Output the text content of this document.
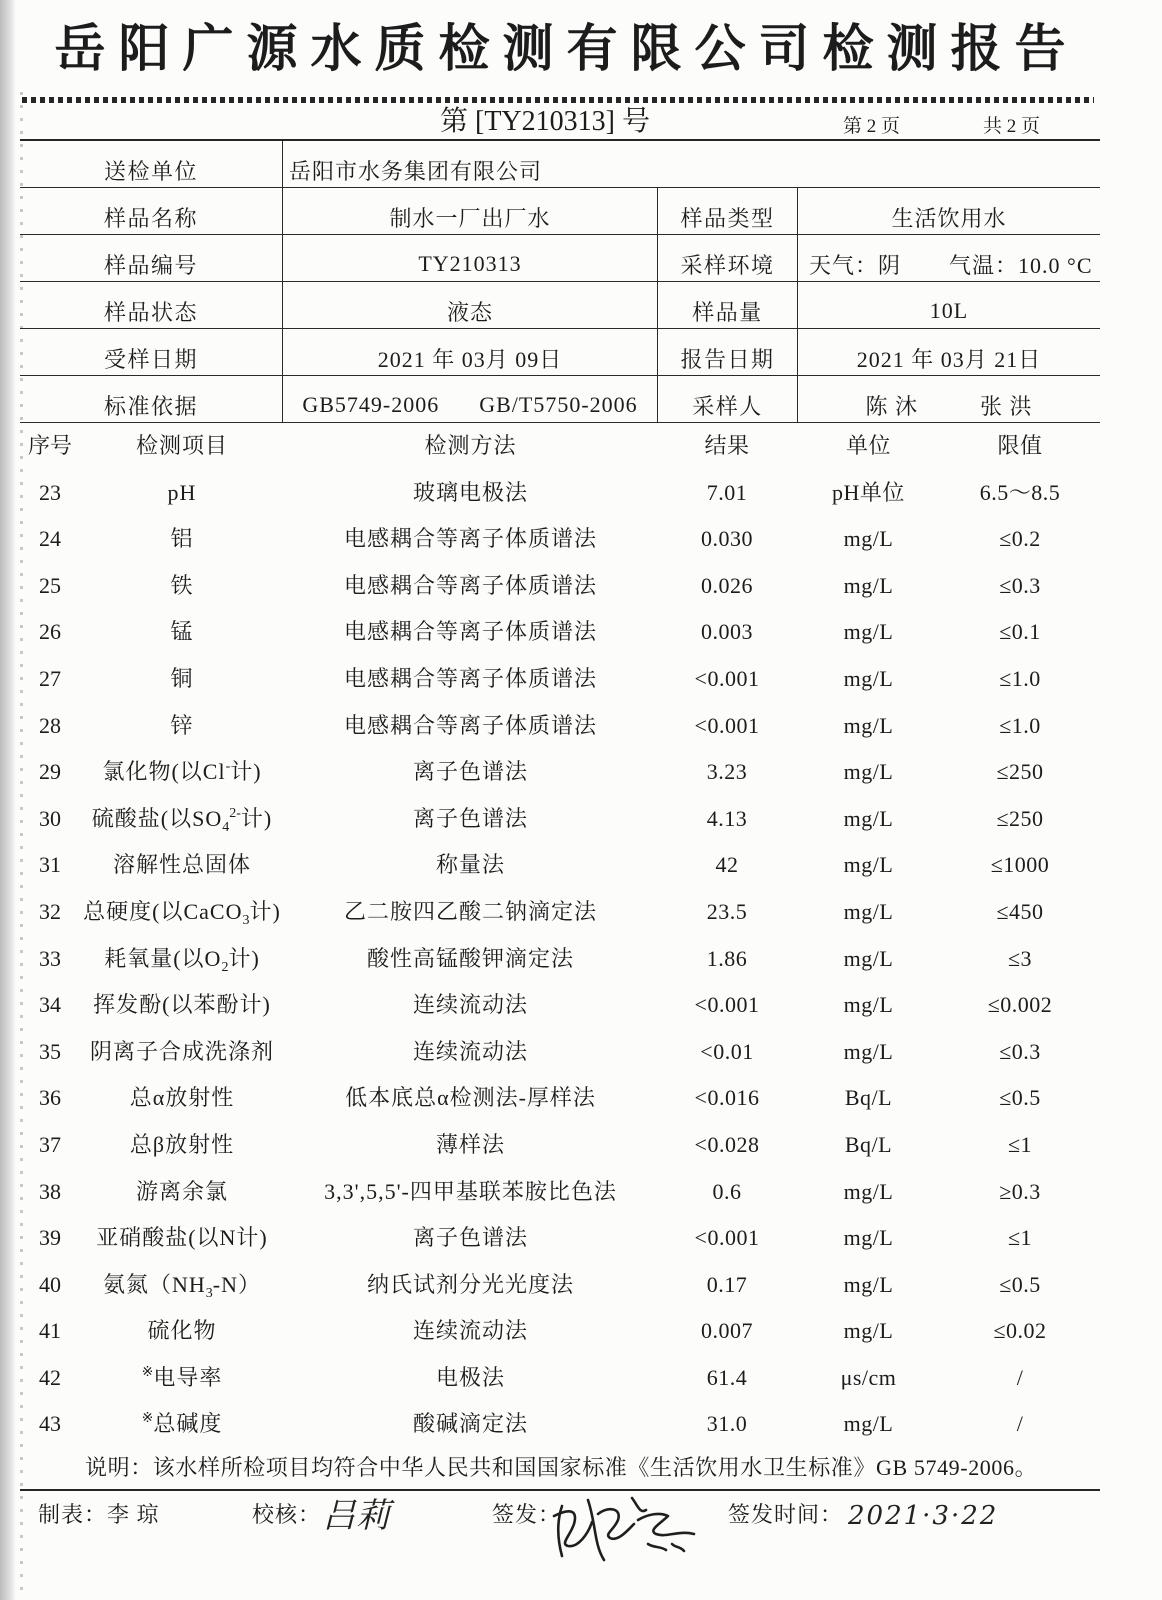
岳阳广源水质检测有限公司检测报告
第 [TY210313] 号	第 2 页	共 2 页
送检单位	岳阳市水务集团有限公司
样品名称	制水一厂出厂水	样品类型	生活饮用水
样品编号	TY210313	采样环境	天气：阴 气温：10.0 °C
样品状态	液态	样品量	10L
受样日期	2021 年 03月 09日	报告日期	2021 年 03月 21日
标准依据	GB5749-2006 GB/T5750-2006	采样人	陈 沐	张 洪
序号	检测项目	检测方法	结果	单位	限值
23	pH	玻璃电极法	7.01	pH单位	6.5～8.5
24	铝	电感耦合等离子体质谱法	0.030	mg/L	≤0.2
25	铁	电感耦合等离子体质谱法	0.026	mg/L	≤0.3
26	锰	电感耦合等离子体质谱法	0.003	mg/L	≤0.1
27	铜	电感耦合等离子体质谱法	<0.001	mg/L	≤1.0
28	锌	电感耦合等离子体质谱法	<0.001	mg/L	≤1.0
29	氯化物(以Cl-计)	离子色谱法	3.23	mg/L	≤250
30	硫酸盐(以$SO_4^{2-}$计)	离子色谱法	4.13	mg/L	≤250
31	溶解性总固体	称量法	42	mg/L	≤1000
32	总硬度(以CaCO$_3$计)	乙二胺四乙酸二钠滴定法	23.5	mg/L	≤450
33	耗氧量(以$O_2$计)	酸性高锰酸钾滴定法	1.86	mg/L	≤3
34	挥发酚(以苯酚计)	连续流动法	<0.001	mg/L	≤0.002
35	阴离子合成洗涤剂	连续流动法	<0.01	mg/L	≤0.3
36	总α放射性	低本底总α检测法-厚样法	<0.016	Bq/L	≤0.5
37	总β放射性	薄样法	<0.028	Bq/L	≤1
38	游离余氯	3,3',5,5'-四甲基联苯胺比色法	0.6	mg/L	≥0.3
39	亚硝酸盐(以N计)	离子色谱法	<0.001	mg/L	≤1
40	氨氮$(NH_3-N)$	纳氏试剂分光光度法	0.17	mg/L	≤0.5
41	硫化物	连续流动法	0.007	mg/L	≤0.02
42	※电导率	电极法	61.4	μs/cm	/
43	※总碱度	酸碱滴定法	31.0	mg/L	/
说明：该水样所检项目均符合中华人民共和国国家标准《生活饮用水卫生标准》GB 5749-2006。
制表：李 琼	校核： 吕莉	签发：	签发时间： 2021·3·22
